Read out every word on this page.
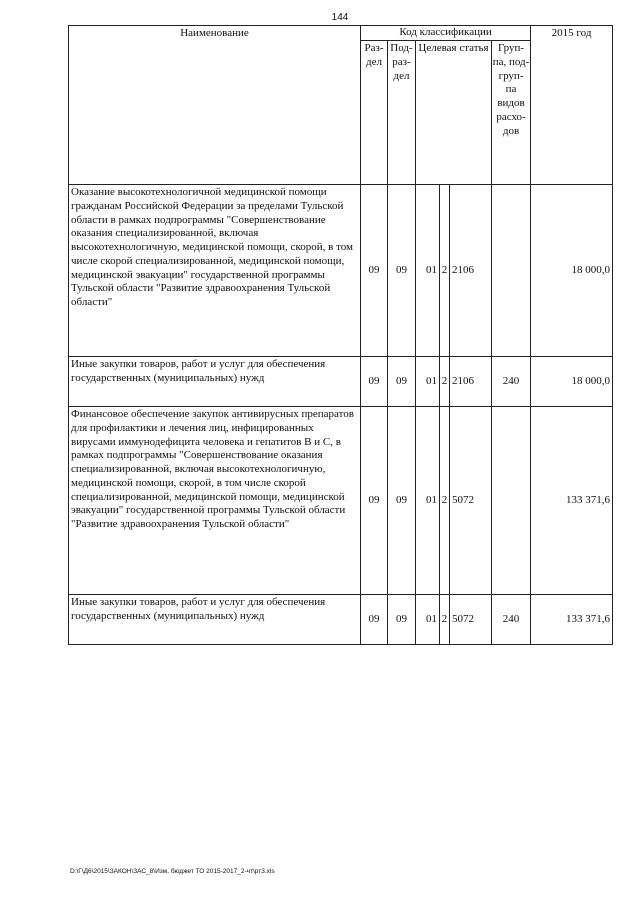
144
Наименование	Код классификации						2015 год
	Раз- дел	Под- раз- дел	Целевая статья			Груп- па, под- груп- па видов расхо- дов	
Оказание высокотехнологичной медицинской помощи гражданам Российской Федерации за пределами Тульской области в рамках подпрограммы "Совершенствование оказания специализированной, включая высокотехнологичную, медицинской помощи, скорой, в том числе скорой специализированной, медицинской помощи, медицинской эвакуации" государственной программы Тульской области "Развитие здравоохранения Тульской области"	09	09	01	2	2106		18 000,0
Иные закупки товаров, работ и услуг для обеспечения государственных (муниципальных) нужд	09	09	01	2	2106	240	18 000,0
Финансовое обеспечение закупок антивирусных препаратов для профилактики и лечения лиц, инфицированных вирусами иммунодефицита человека и гепатитов В и С, в рамках подпрограммы "Совершенствование оказания специализированной, включая высокотехнологичную, медицинской помощи, скорой, в том числе скорой специализированной, медицинской помощи, медицинской эвакуации" государственной программы Тульской области "Развитие здравоохранения Тульской области"	09	09	01	2	5072		133 371,6
Иные закупки товаров, работ и услуг для обеспечения государственных (муниципальных) нужд	09	09	01	2	5072	240	133 371,6
D:\Г\Д6\2015\ЗАКОН\ЗАС_8\Изм. бюджет ТО 2015-2017_2-чт\рт3.xls
